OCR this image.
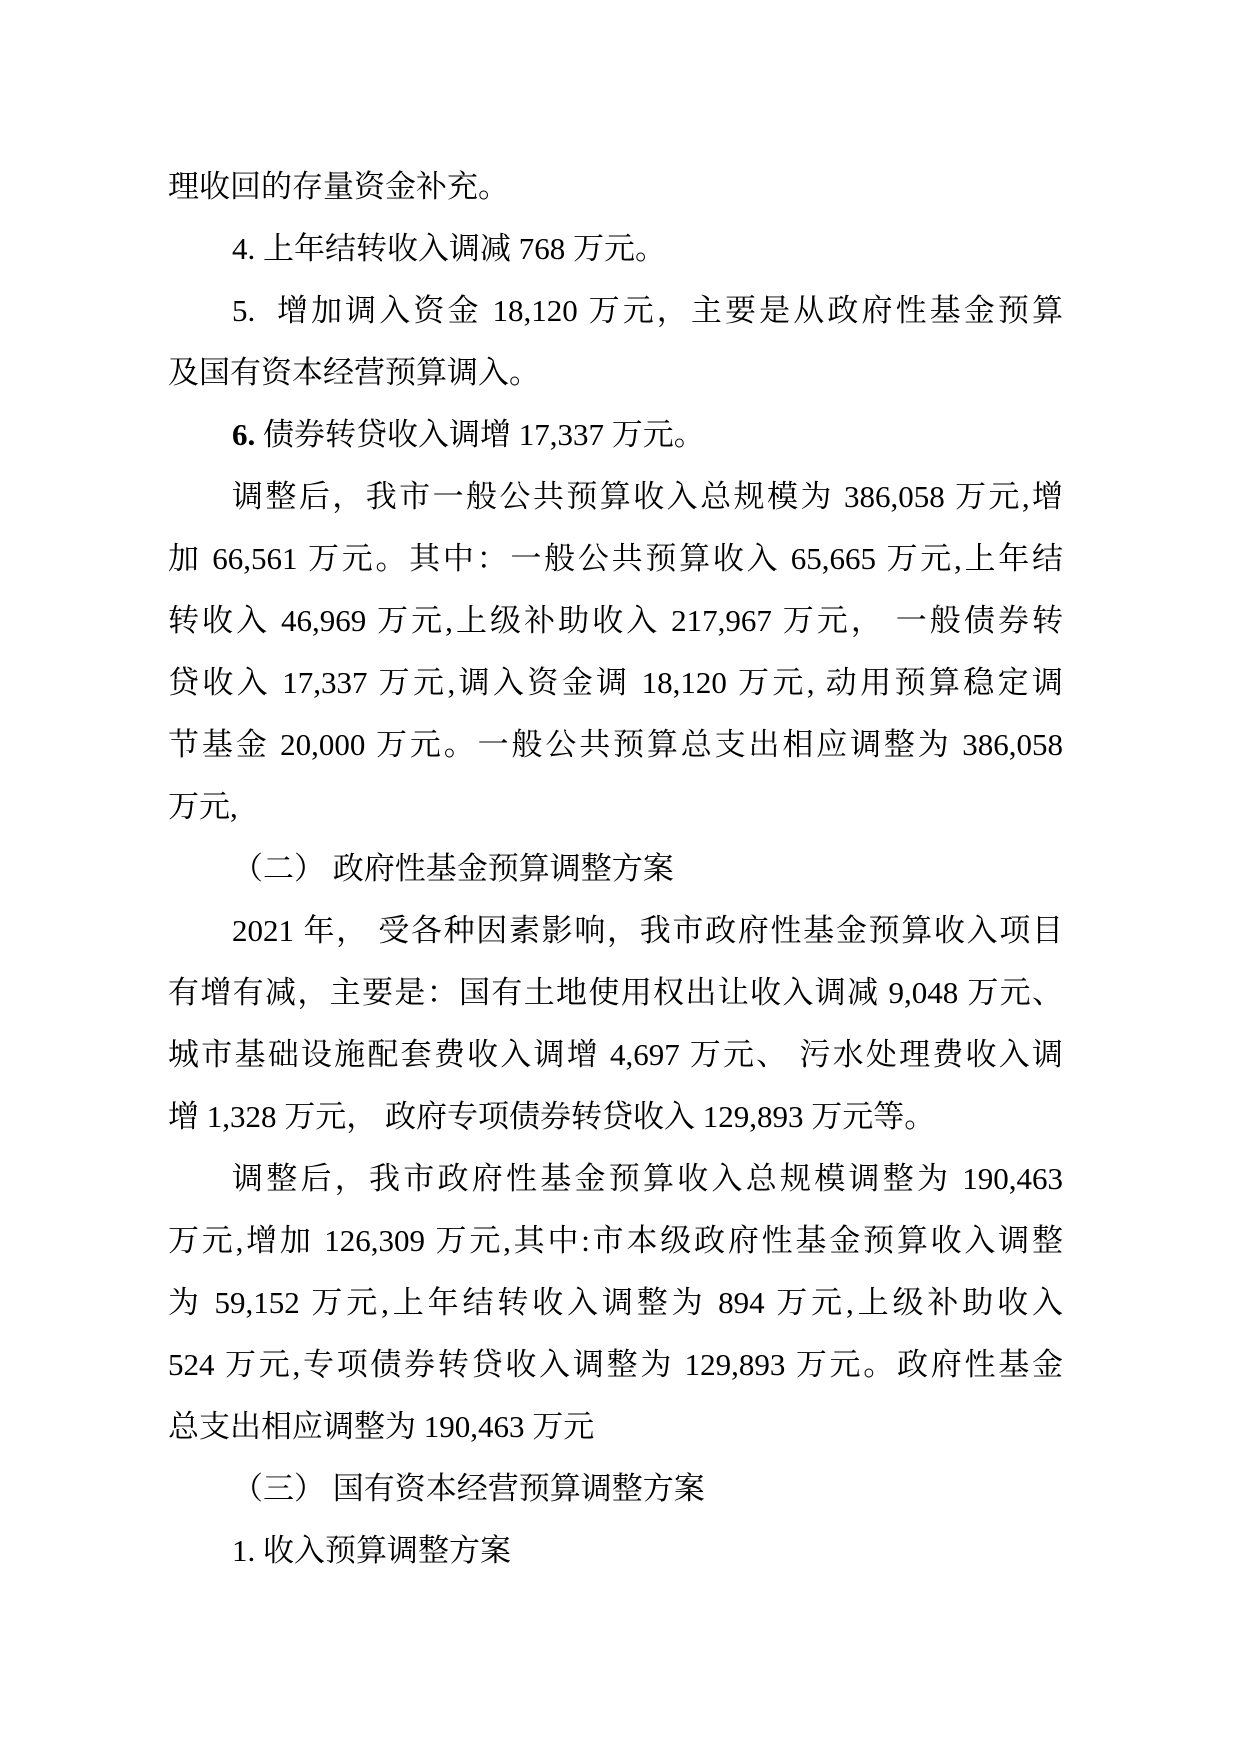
理收回的存量资金补充。
4. 上年结转收入调减 768 万元。
5.  增加调入资金 18,120 万元，主要是从政府性基金预算
及国有资本经营预算调入。
6. 债券转贷收入调增 17,337 万元。
调整后，我市一般公共预算收入总规模为 386,058 万元,增
加 66,561 万元。其中：一般公共预算收入 65,665 万元,上年结
转收入 46,969 万元,上级补助收入 217,967 万元， 一般债券转
贷收入 17,337 万元,调入资金调 18,120 万元, 动用预算稳定调
节基金 20,000 万元。一般公共预算总支出相应调整为 386,058
万元,
（二） 政府性基金预算调整方案
2021 年， 受各种因素影响，我市政府性基金预算收入项目
有增有减，主要是：国有土地使用权出让收入调减 9,048 万元、
城市基础设施配套费收入调增 4,697 万元、 污水处理费收入调
增 1,328 万元， 政府专项债券转贷收入 129,893 万元等。
调整后，我市政府性基金预算收入总规模调整为 190,463
万元,增加 126,309 万元,其中:市本级政府性基金预算收入调整
为 59,152 万元,上年结转收入调整为 894 万元,上级补助收入
524 万元,专项债券转贷收入调整为 129,893 万元。政府性基金
总支出相应调整为 190,463 万元
（三） 国有资本经营预算调整方案
1. 收入预算调整方案
